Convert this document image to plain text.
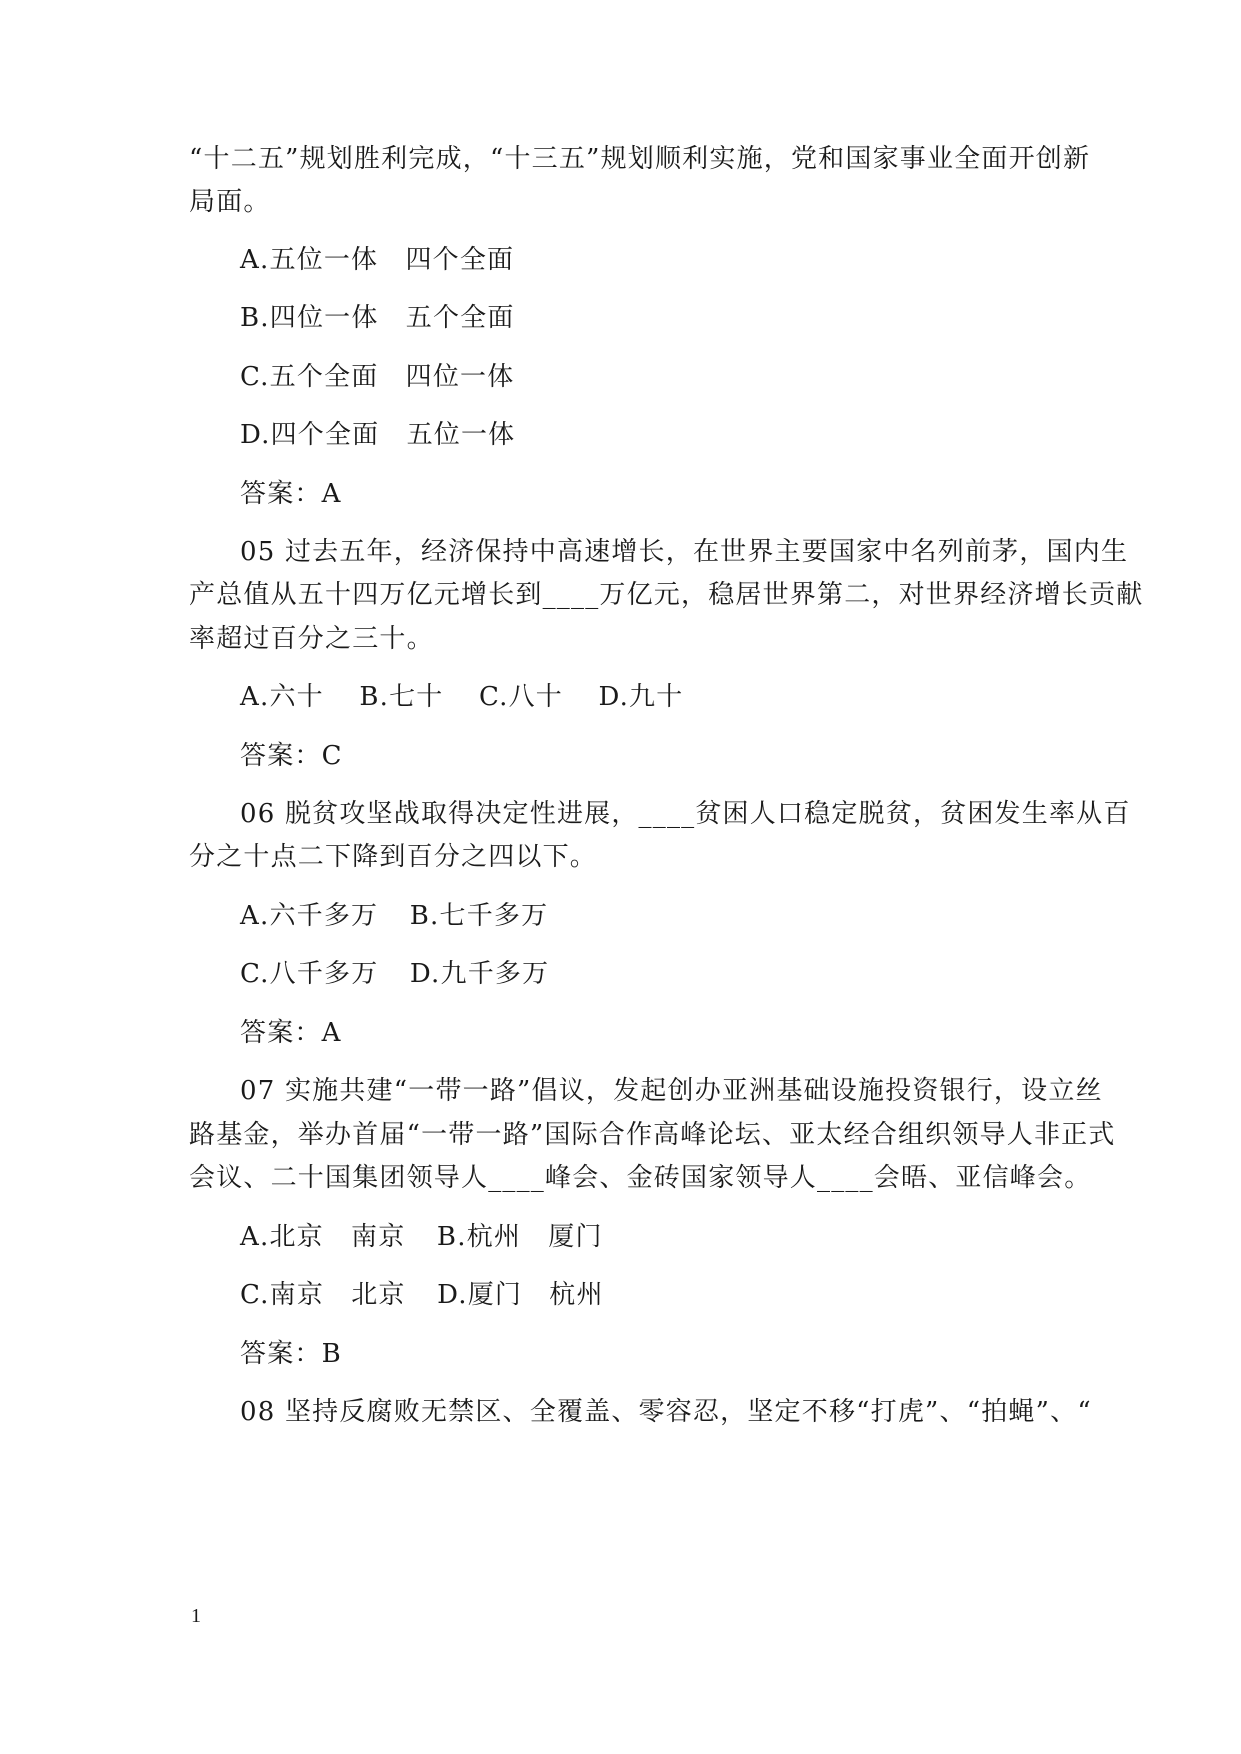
“十二五”规划胜利完成，“十三五”规划顺利实施，党和国家事业全面开创新
局面。
A.五位一体　四个全面
B.四位一体　五个全面
C.五个全面　四位一体
D.四个全面　五位一体
答案：A
05 过去五年，经济保持中高速增长，在世界主要国家中名列前茅，国内生
产总值从五十四万亿元增长到____万亿元，稳居世界第二，对世界经济增长贡献
率超过百分之三十。
A.六十 B.七十 C.八十 D.九十
答案：C
06 脱贫攻坚战取得决定性进展，____贫困人口稳定脱贫，贫困发生率从百
分之十点二下降到百分之四以下。
A.六千多万 B.七千多万
C.八千多万 D.九千多万
答案：A
07 实施共建“一带一路”倡议，发起创办亚洲基础设施投资银行，设立丝
路基金，举办首届“一带一路”国际合作高峰论坛、亚太经合组织领导人非正式
会议、二十国集团领导人____峰会、金砖国家领导人____会晤、亚信峰会。
A.北京　南京 B.杭州　厦门
C.南京　北京 D.厦门　杭州
答案：B
08 坚持反腐败无禁区、全覆盖、零容忍，坚定不移“打虎”、“拍蝇”、“
1
